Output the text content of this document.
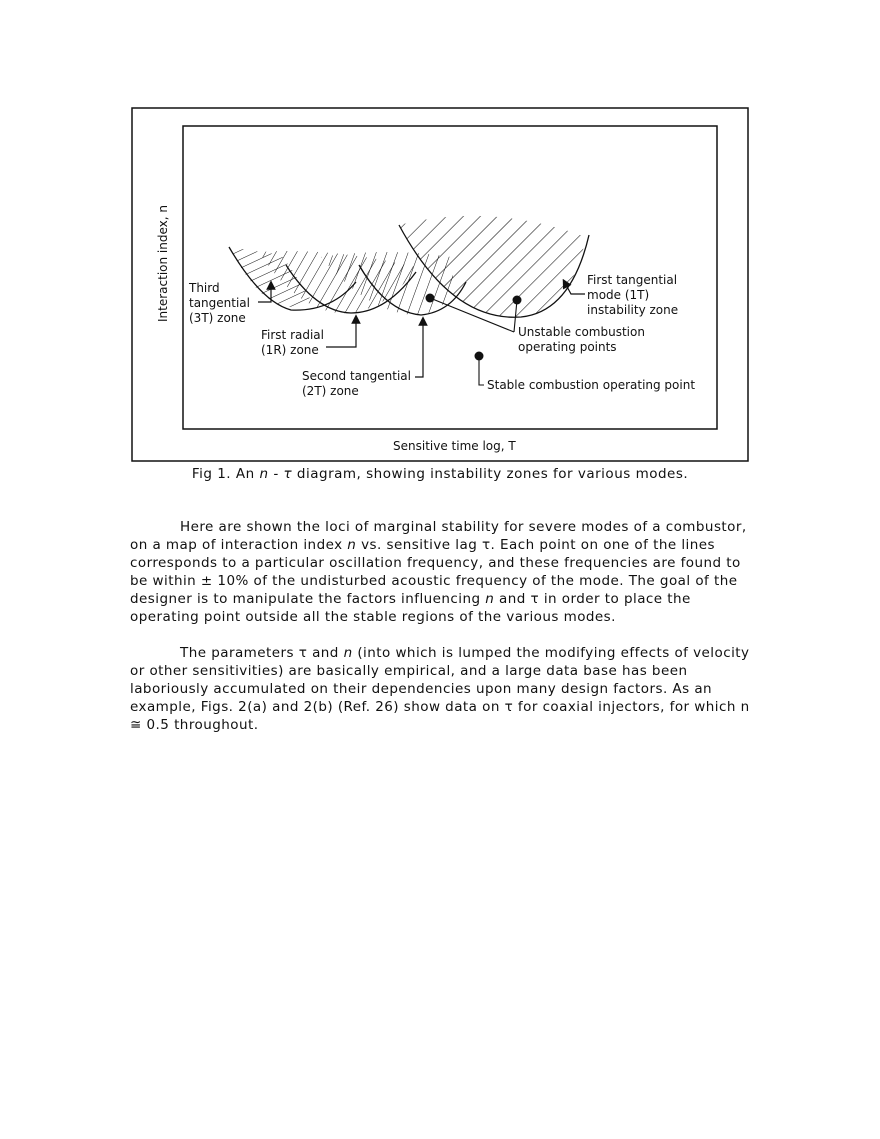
Interaction index, n
Sensitive time log, T
Third
tangential
(3T) zone
First radial
(1R) zone
Second tangential
(2T) zone
First tangential
mode (1T)
instability zone
Unstable combustion
operating points
Stable combustion operating point
Fig 1. An n - τ diagram, showing instability zones for various modes.

Here are shown the loci of marginal stability for severe modes of a combustor, on a map of interaction index n vs. sensitive lag τ. Each point on one of the lines corresponds to a particular oscillation frequency, and these frequencies are found to be within ± 10% of the undisturbed acoustic frequency of the mode. The goal of the designer is to manipulate the factors influencing n and τ in order to place the operating point outside all the stable regions of the various modes.

The parameters τ and n (into which is lumped the modifying effects of velocity or other sensitivities) are basically empirical, and a large data base has been laboriously accumulated on their dependencies upon many design factors. As an example, Figs. 2(a) and 2(b) (Ref. 26) show data on τ for coaxial injectors, for which n ≅ 0.5 throughout.
